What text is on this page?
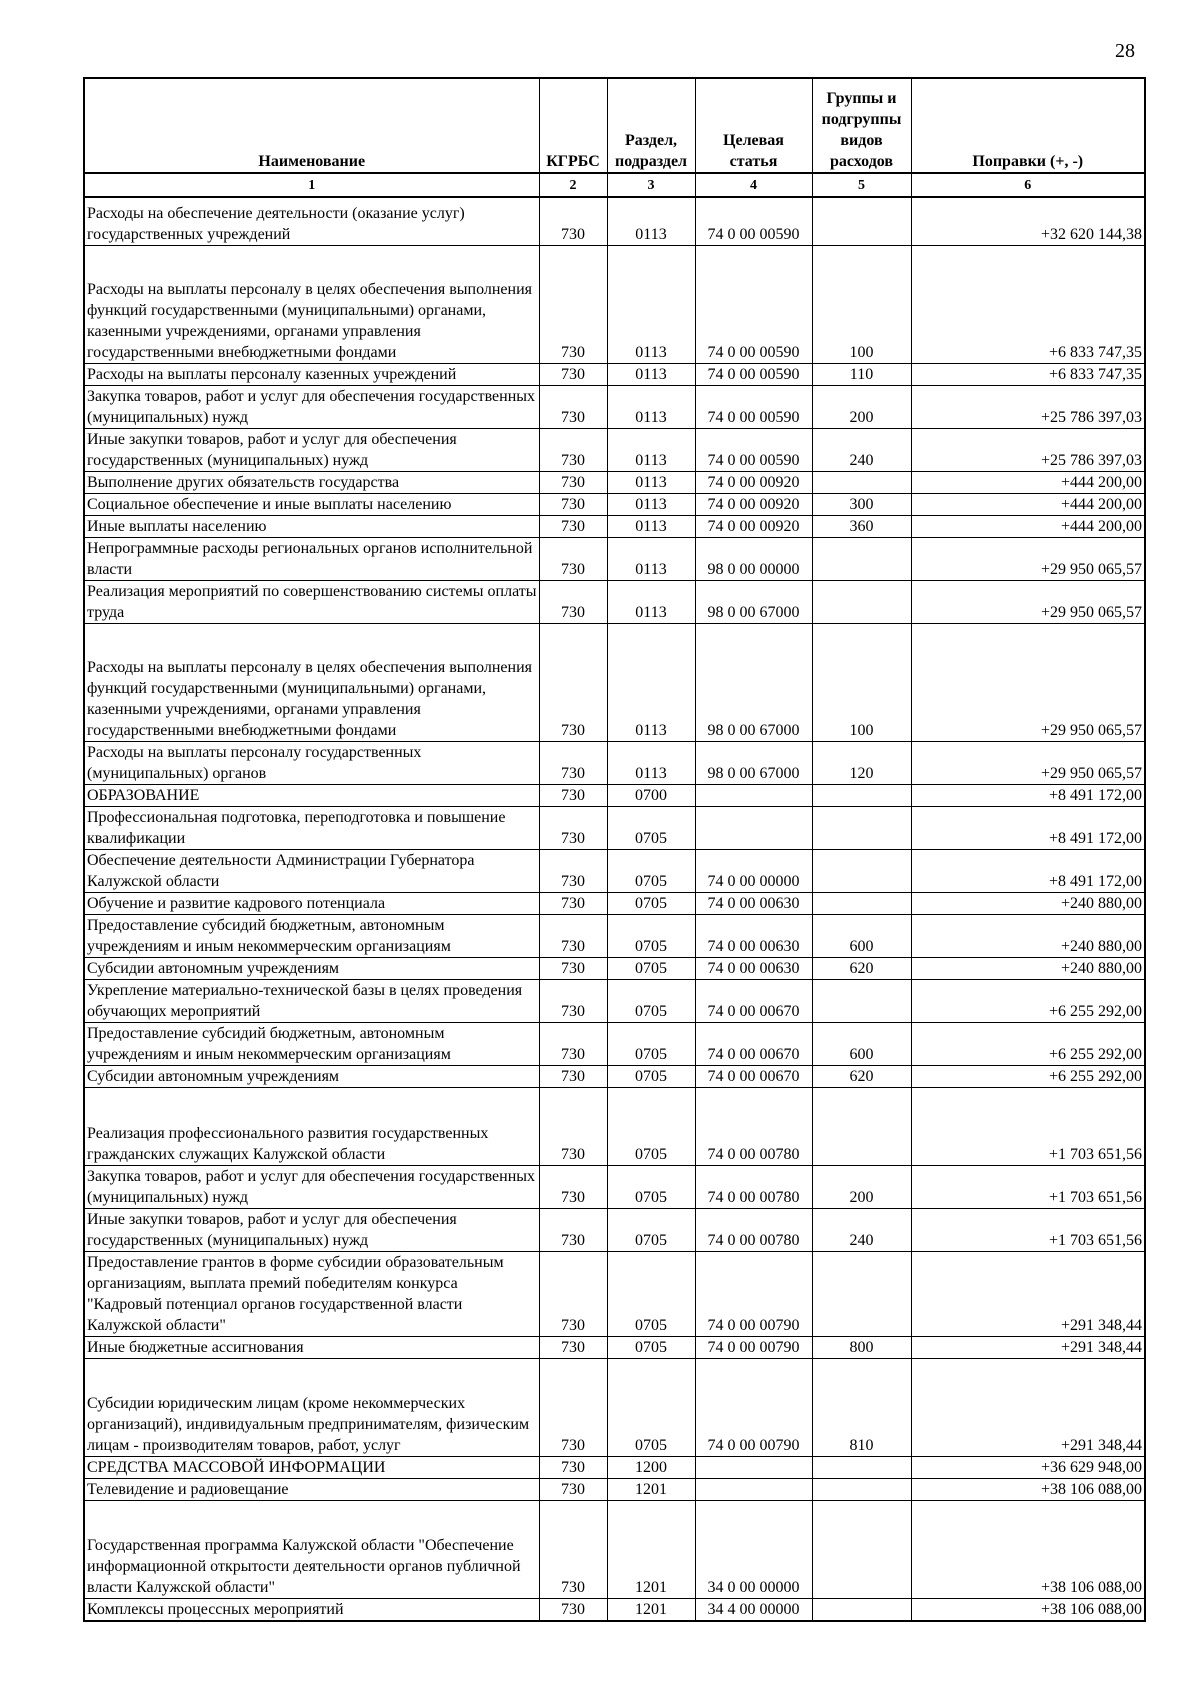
28
Наименование	КГРБС	Раздел, подраздел	Целевая статья	Группы и подгруппы видов расходов	Поправки (+, -)
1	2	3	4	5	6
Расходы на обеспечение деятельности (оказание услуг) государственных учреждений	730	0113	74 0 00 00590		+32 620 144,38
Расходы на выплаты персоналу в целях обеспечения выполнения функций государственными (муниципальными) органами, казенными учреждениями, органами управления государственными внебюджетными фондами	730	0113	74 0 00 00590	100	+6 833 747,35
Расходы на выплаты персоналу казенных учреждений	730	0113	74 0 00 00590	110	+6 833 747,35
Закупка товаров, работ и услуг для обеспечения государственных (муниципальных) нужд	730	0113	74 0 00 00590	200	+25 786 397,03
Иные закупки товаров, работ и услуг для обеспечения государственных (муниципальных) нужд	730	0113	74 0 00 00590	240	+25 786 397,03
Выполнение других обязательств государства	730	0113	74 0 00 00920		+444 200,00
Социальное обеспечение и иные выплаты населению	730	0113	74 0 00 00920	300	+444 200,00
Иные выплаты населению	730	0113	74 0 00 00920	360	+444 200,00
Непрограммные расходы региональных органов исполнительной власти	730	0113	98 0 00 00000		+29 950 065,57
Реализация мероприятий по совершенствованию системы оплаты труда	730	0113	98 0 00 67000		+29 950 065,57
Расходы на выплаты персоналу в целях обеспечения выполнения функций государственными (муниципальными) органами, казенными учреждениями, органами управления государственными внебюджетными фондами	730	0113	98 0 00 67000	100	+29 950 065,57
Расходы на выплаты персоналу государственных (муниципальных) органов	730	0113	98 0 00 67000	120	+29 950 065,57
ОБРАЗОВАНИЕ	730	0700			+8 491 172,00
Профессиональная подготовка, переподготовка и повышение квалификации	730	0705			+8 491 172,00
Обеспечение деятельности Администрации Губернатора Калужской области	730	0705	74 0 00 00000		+8 491 172,00
Обучение и развитие кадрового потенциала	730	0705	74 0 00 00630		+240 880,00
Предоставление субсидий бюджетным, автономным учреждениям и иным некоммерческим организациям	730	0705	74 0 00 00630	600	+240 880,00
Субсидии автономным учреждениям	730	0705	74 0 00 00630	620	+240 880,00
Укрепление материально-технической базы в целях проведения обучающих мероприятий	730	0705	74 0 00 00670		+6 255 292,00
Предоставление субсидий бюджетным, автономным учреждениям и иным некоммерческим организациям	730	0705	74 0 00 00670	600	+6 255 292,00
Субсидии автономным учреждениям	730	0705	74 0 00 00670	620	+6 255 292,00
Реализация профессионального развития государственных гражданских служащих Калужской области	730	0705	74 0 00 00780		+1 703 651,56
Закупка товаров, работ и услуг для обеспечения государственных (муниципальных) нужд	730	0705	74 0 00 00780	200	+1 703 651,56
Иные закупки товаров, работ и услуг для обеспечения государственных (муниципальных) нужд	730	0705	74 0 00 00780	240	+1 703 651,56
Предоставление грантов в форме субсидии образовательным организациям, выплата премий победителям конкурса "Кадровый потенциал органов государственной власти Калужской области"	730	0705	74 0 00 00790		+291 348,44
Иные бюджетные ассигнования	730	0705	74 0 00 00790	800	+291 348,44
Субсидии юридическим лицам (кроме некоммерческих организаций), индивидуальным предпринимателям, физическим лицам - производителям товаров, работ, услуг	730	0705	74 0 00 00790	810	+291 348,44
СРЕДСТВА МАССОВОЙ ИНФОРМАЦИИ	730	1200			+36 629 948,00
Телевидение и радиовещание	730	1201			+38 106 088,00
Государственная программа Калужской области "Обеспечение информационной открытости деятельности органов публичной власти Калужской области"	730	1201	34 0 00 00000		+38 106 088,00
Комплексы процессных мероприятий	730	1201	34 4 00 00000		+38 106 088,00
